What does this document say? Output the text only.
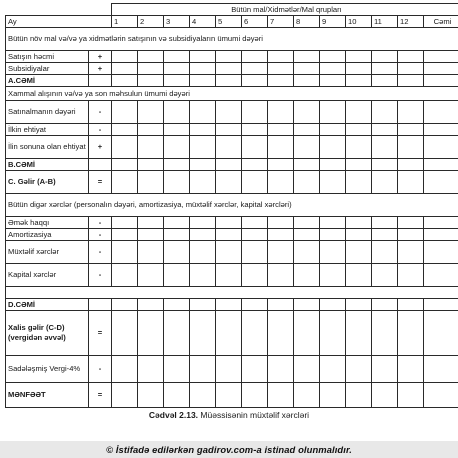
		Bütün mal/Xidmətlər/Mal qrupları												
Ay		1	2	3	4	5	6	7	8	9	10	11	12	Cəmi
Bütün növ mal və/və ya xidmətlərin satışının və subsidiyaların ümumi dəyəri														
Satışın həcmi	+													
Subsidiyalar	+													
A.CƏMİ														
Xammal alışının və/və ya son məhsulun ümumi dəyəri														
Satınalmanın dəyəri	-													
İlkin ehtiyat	-													
İlin sonuna olan ehtiyat	+													
B.CƏMİ														
C. Gəlir (A-B)	=													
Bütün digər xərclər (personalın dəyəri, amortizasiya, müxtəlif xərclər, kapital xərcləri)														
Əmək haqqı	-													
Amortizasiya	-													
Müxtəlif xərclər	-													
Kapital xərclər	-													

D.CƏMİ														
Xalis gəlir (C-D) (vergidən əvvəl)	=													
Sadələşmiş Vergi-4%	-													
MƏNFƏƏT	=													
Cədvəl 2.13. Müəssisənin müxtəlif xərcləri
© İstifadə edilərkən gadirov.com-a istinad olunmalıdır.
